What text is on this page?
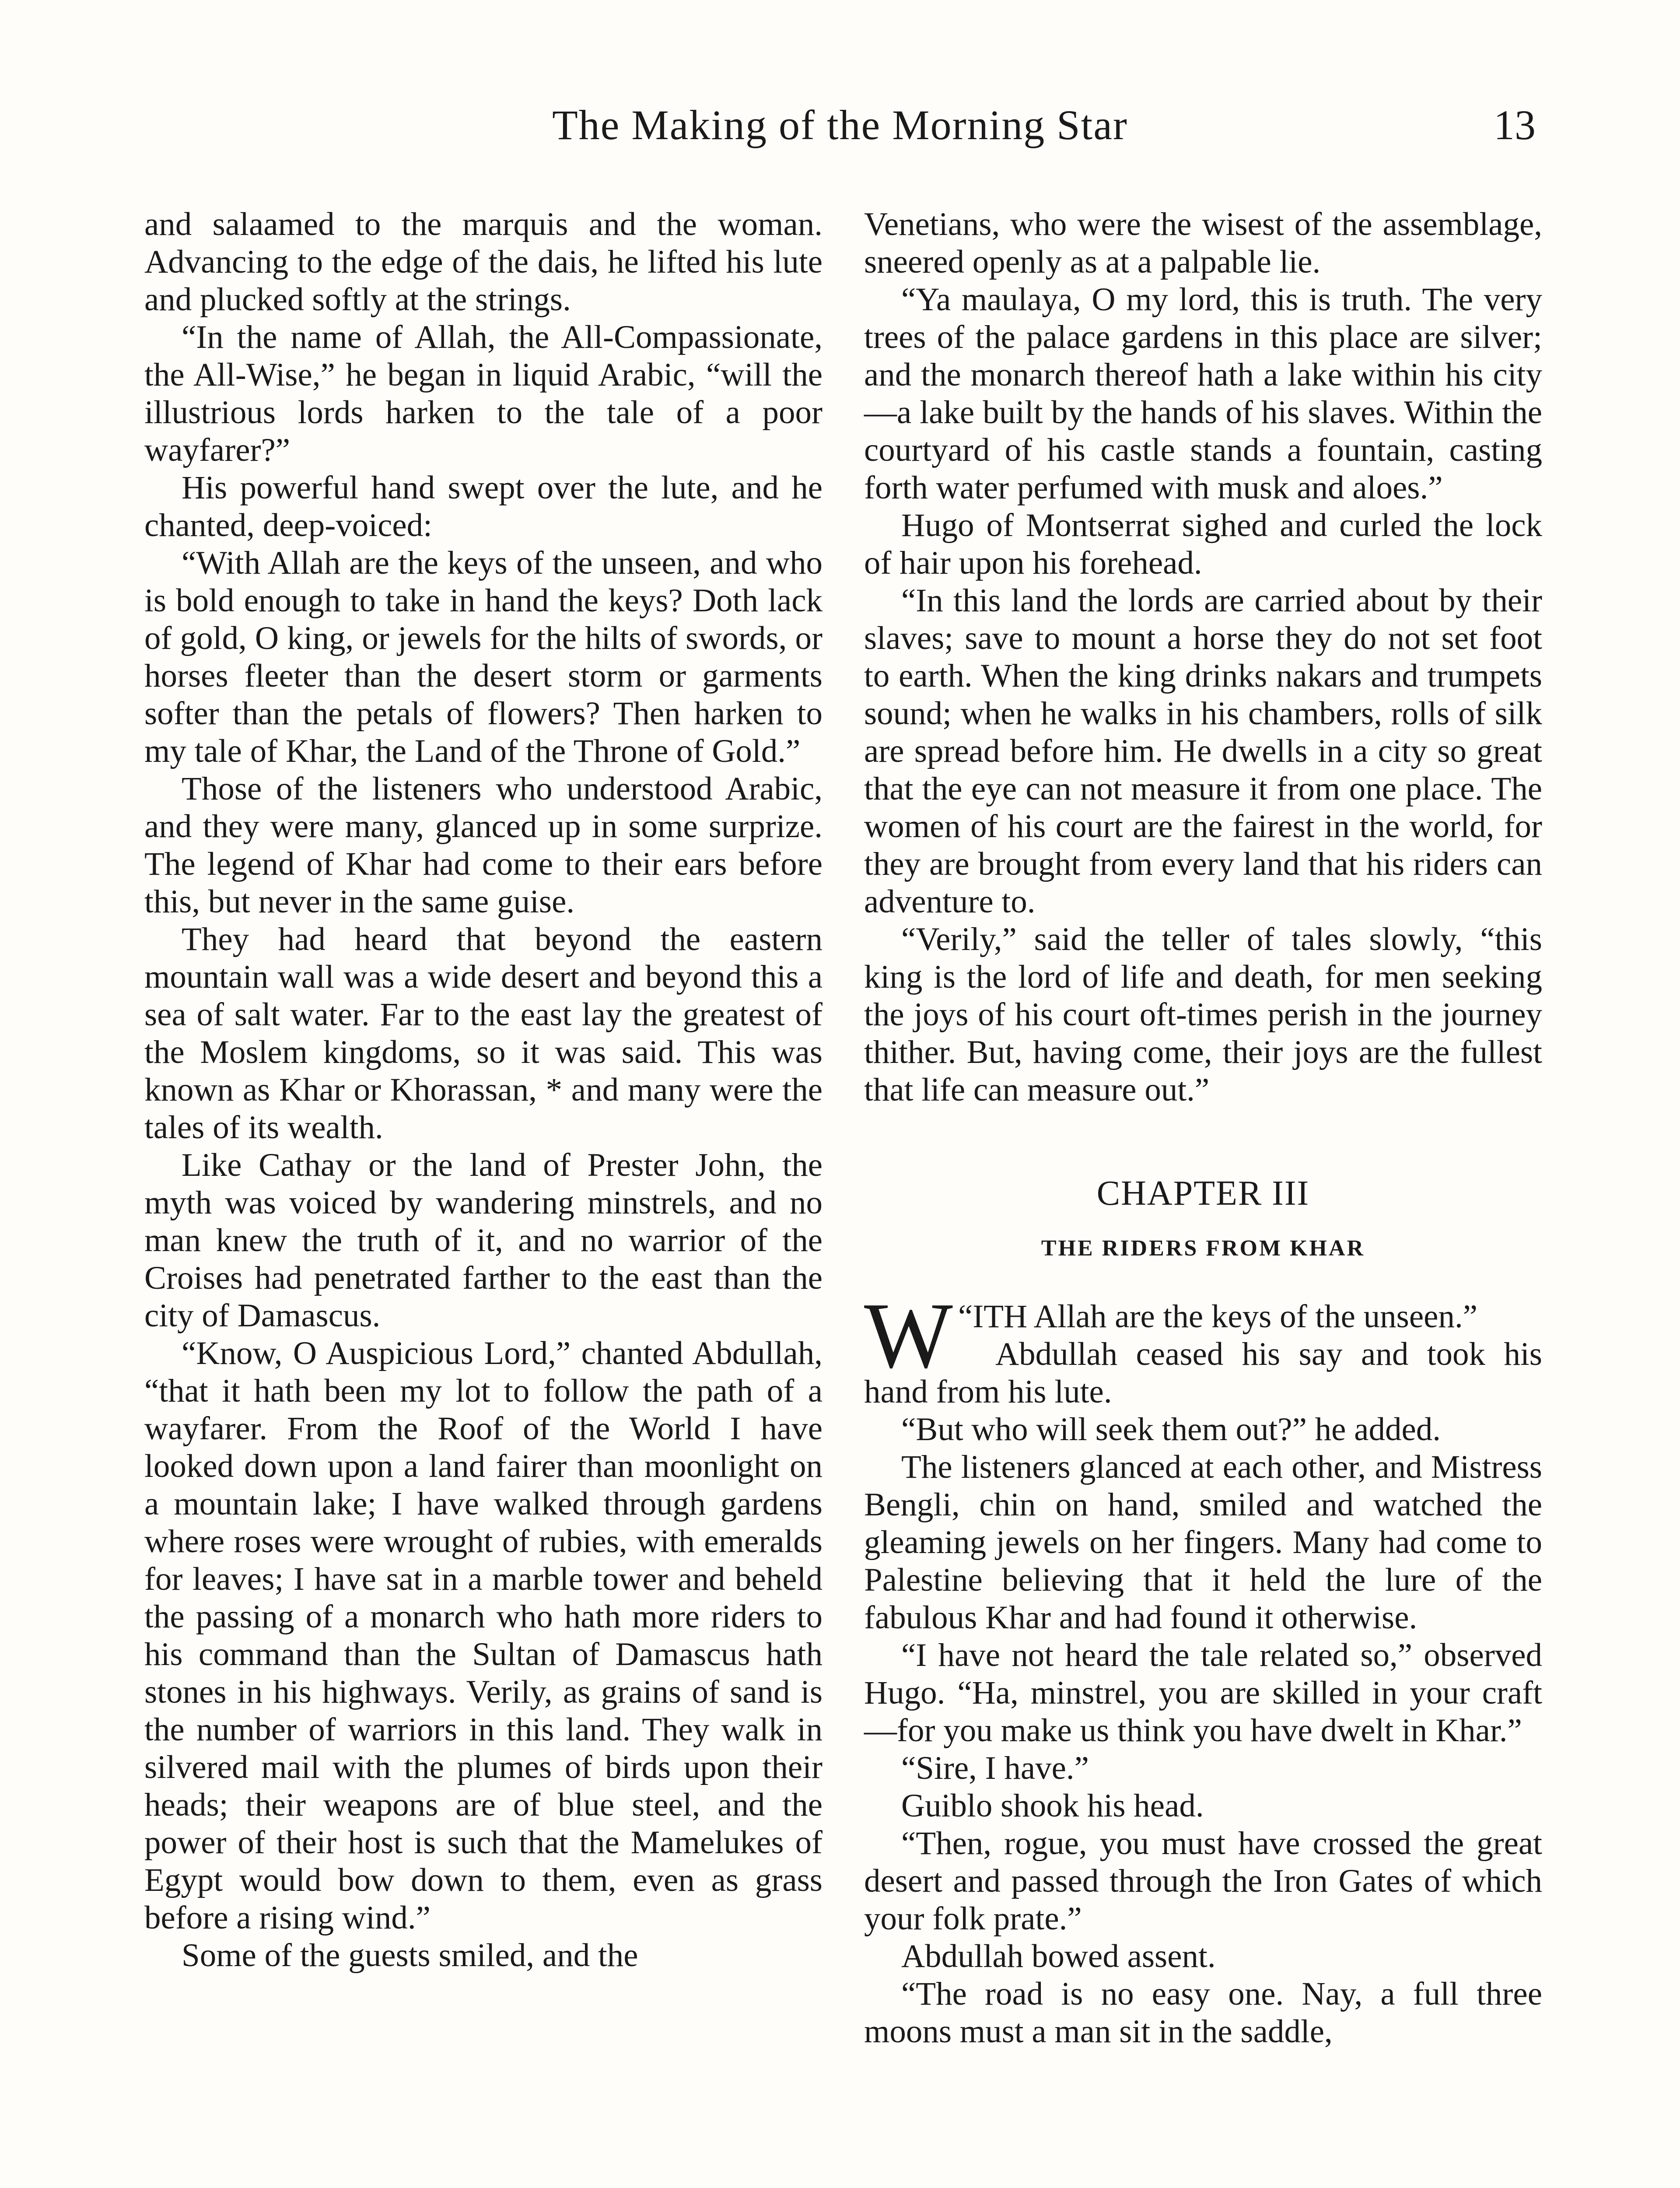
The Making of the Morning Star	13

and salaamed to the marquis and the woman. Advancing to the edge of the dais, he lifted his lute and plucked softly at the strings.

“In the name of Allah, the All-Compassionate, the All-Wise,” he began in liquid Arabic, “will the illustrious lords harken to the tale of a poor wayfarer?”

His powerful hand swept over the lute, and he chanted, deep-voiced:

“With Allah are the keys of the unseen, and who is bold enough to take in hand the keys? Doth lack of gold, O king, or jewels for the hilts of swords, or horses fleeter than the desert storm or garments softer than the petals of flowers? Then harken to my tale of Khar, the Land of the Throne of Gold.”

Those of the listeners who understood Arabic, and they were many, glanced up in some surprize. The legend of Khar had come to their ears before this, but never in the same guise.

They had heard that beyond the eastern mountain wall was a wide desert and beyond this a sea of salt water. Far to the east lay the greatest of the Moslem kingdoms, so it was said. This was known as Khar or Khorassan, * and many were the tales of its wealth.

Like Cathay or the land of Prester John, the myth was voiced by wandering minstrels, and no man knew the truth of it, and no warrior of the Croises had penetrated farther to the east than the city of Damascus.

“Know, O Auspicious Lord,” chanted Abdullah, “that it hath been my lot to follow the path of a wayfarer. From the Roof of the World I have looked down upon a land fairer than moonlight on a mountain lake; I have walked through gardens where roses were wrought of rubies, with emeralds for leaves; I have sat in a marble tower and beheld the passing of a monarch who hath more riders to his command than the Sultan of Damascus hath stones in his highways. Verily, as grains of sand is the number of warriors in this land. They walk in silvered mail with the plumes of birds upon their heads; their weapons are of blue steel, and the power of their host is such that the Mamelukes of Egypt would bow down to them, even as grass before a rising wind.”

Some of the guests smiled, and the

Venetians, who were the wisest of the assemblage, sneered openly as at a palpable lie.

“Ya maulaya, O my lord, this is truth. The very trees of the palace gardens in this place are silver; and the monarch thereof hath a lake within his city—a lake built by the hands of his slaves. Within the courtyard of his castle stands a fountain, casting forth water perfumed with musk and aloes.”

Hugo of Montserrat sighed and curled the lock of hair upon his forehead.

“In this land the lords are carried about by their slaves; save to mount a horse they do not set foot to earth. When the king drinks nakars and trumpets sound; when he walks in his chambers, rolls of silk are spread before him. He dwells in a city so great that the eye can not measure it from one place. The women of his court are the fairest in the world, for they are brought from every land that his riders can adventure to.

“Verily,” said the teller of tales slowly, “this king is the lord of life and death, for men seeking the joys of his court oft-times perish in the journey thither. But, having come, their joys are the fullest that life can measure out.”

CHAPTER III
THE RIDERS FROM KHAR

“
W ITH Allah are the keys of the unseen.”

Abdullah ceased his say and took his hand from his lute.

“But who will seek them out?” he added.

The listeners glanced at each other, and Mistress Bengli, chin on hand, smiled and watched the gleaming jewels on her fingers. Many had come to Palestine believing that it held the lure of the fabulous Khar and had found it otherwise.

“I have not heard the tale related so,” observed Hugo. “Ha, minstrel, you are skilled in your craft—for you make us think you have dwelt in Khar.”

“Sire, I have.”

Guiblo shook his head.

“Then, rogue, you must have crossed the great desert and passed through the Iron Gates of which your folk prate.”

Abdullah bowed assent.

“The road is no easy one. Nay, a full three moons must a man sit in the saddle,
